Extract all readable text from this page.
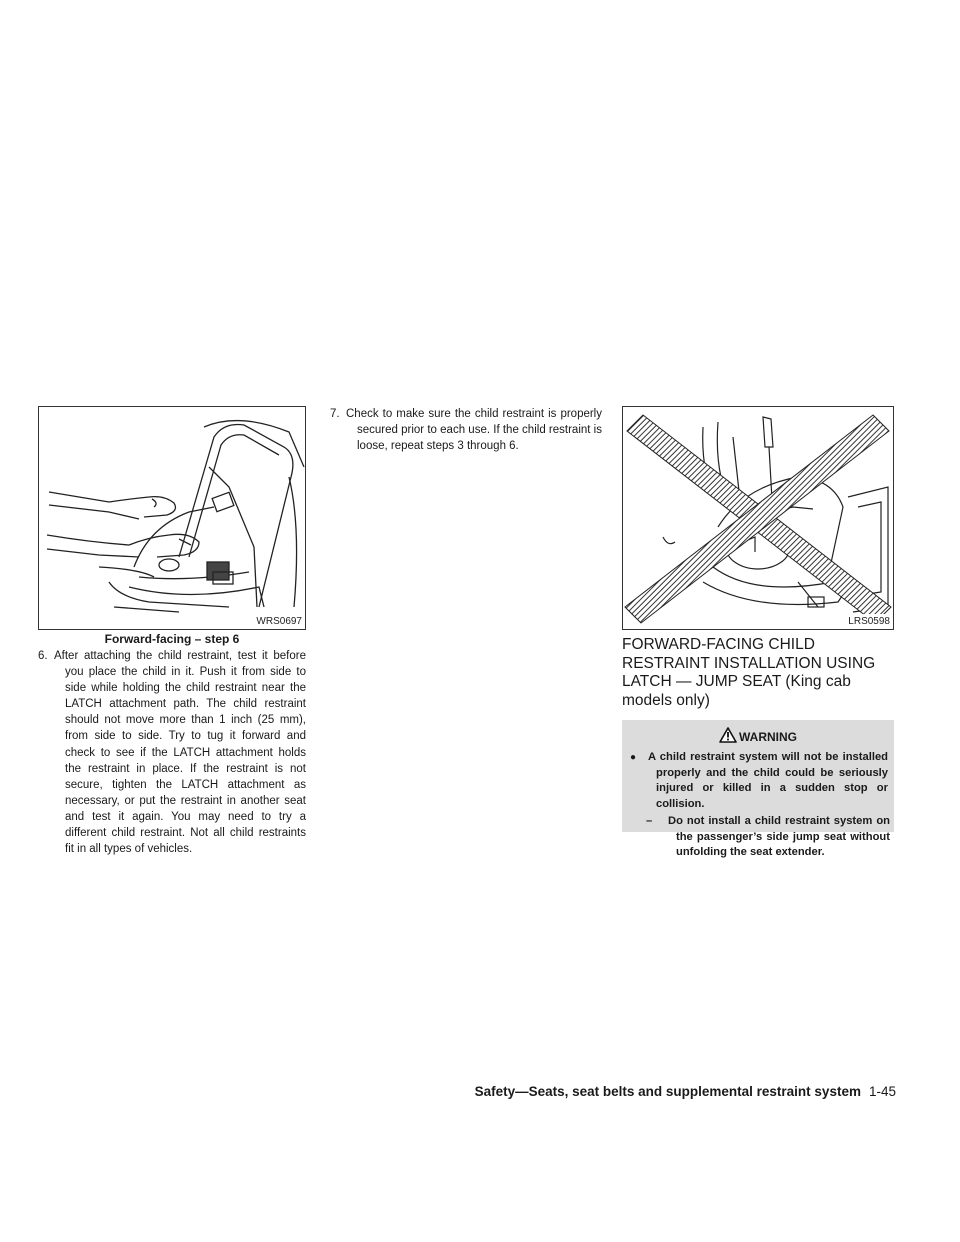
WRS0697
Forward-facing – step 6
6. After attaching the child restraint, test it before you place the child in it. Push it from side to side while holding the child restraint near the LATCH attachment path. The child restraint should not move more than 1 inch (25 mm), from side to side. Try to tug it forward and check to see if the LATCH attachment holds the restraint in place. If the restraint is not secure, tighten the LATCH attachment as necessary, or put the restraint in another seat and test it again. You may need to try a different child restraint. Not all child restraints fit in all types of vehicles.
7. Check to make sure the child restraint is properly secured prior to each use. If the child restraint is loose, repeat steps 3 through 6.
LRS0598
FORWARD-FACING CHILD
RESTRAINT INSTALLATION USING
LATCH — JUMP SEAT (King cab
models only)
WARNING
●	A child restraint system will not be installed properly and the child could be seriously injured or killed in a sudden stop or collision.
–	Do not install a child restraint system on the passenger’s side jump seat without unfolding the seat extender.
Safety—Seats, seat belts and supplemental restraint system 1-45
